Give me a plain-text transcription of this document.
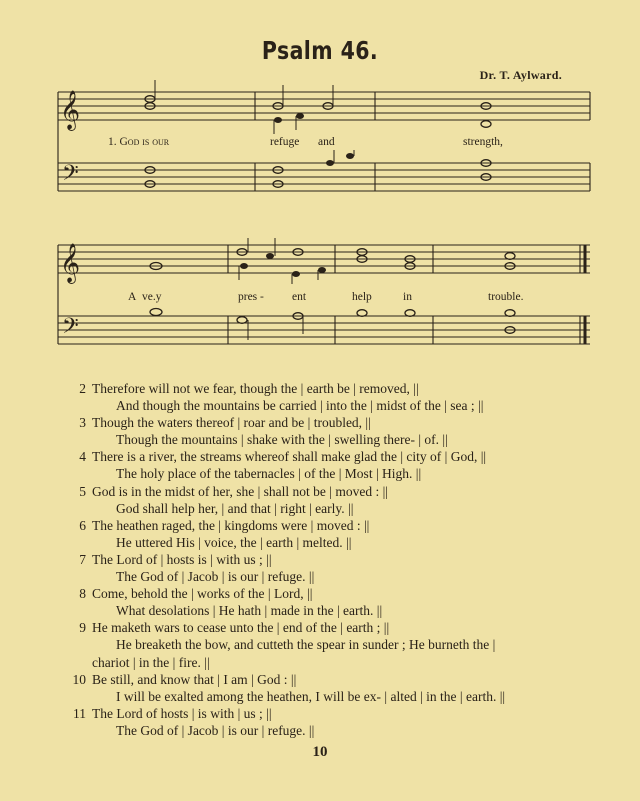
Psalm 46.
Dr. T. Aylward.
𝄞
𝄢
𝄞
𝄢
1. God is our	refuge and	strength,
A ve.y	pres - ent	help	in	trouble.
2 Therefore will not we fear, though the | earth be | removed, ||
And though the mountains be carried | into the | midst of the | sea ; ||
3 Though the waters thereof | roar and be | troubled, ||
Though the mountains | shake with the | swelling there- | of. ||
4 There is a river, the streams whereof shall make glad the | city of | God, ||
The holy place of the tabernacles | of the | Most | High. ||
5 God is in the midst of her, she | shall not be | moved : ||
God shall help her, | and that | right | early. ||
6 The heathen raged, the | kingdoms were | moved : ||
He uttered His | voice, the | earth | melted. ||
7 The Lord of | hosts is | with us ; ||
The God of | Jacob | is our | refuge. ||
8 Come, behold the | works of the | Lord, ||
What desolations | He hath | made in the | earth. ||
9 He maketh wars to cease unto the | end of the | earth ; ||
He breaketh the bow, and cutteth the spear in sunder ; He burneth the |
chariot | in the | fire. ||
10 Be still, and know that | I am | God : ||
I will be exalted among the heathen, I will be ex- | alted | in the | earth. ||
11 The Lord of hosts | is with | us ; ||
The God of | Jacob | is our | refuge. ||
10
